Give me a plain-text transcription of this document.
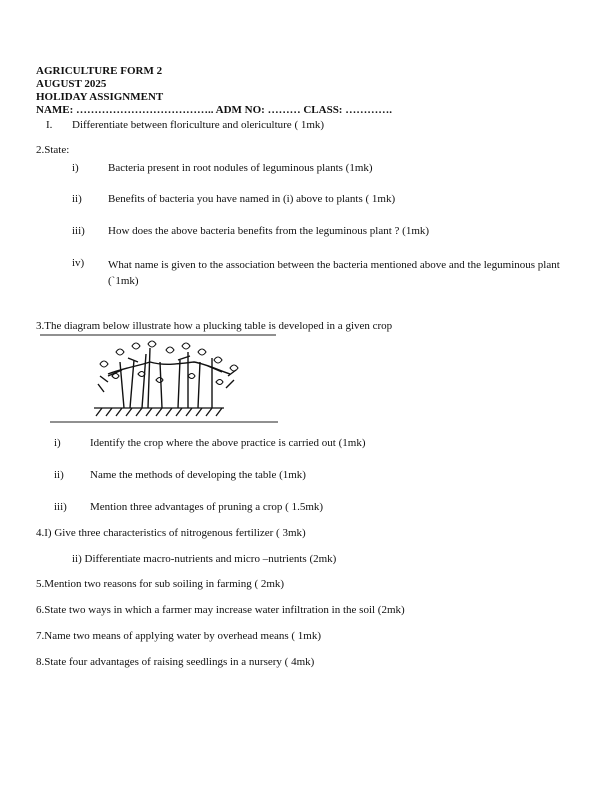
AGRICULTURE FORM 2
AUGUST 2025
HOLIDAY ASSIGNMENT
NAME: ……………………………….. ADM NO: ……… CLASS: ………….
I. Differentiate between floriculture and olericulture ( 1mk)
2.State:
i)	Bacteria present in root nodules of leguminous plants (1mk)
ii) Benefits of bacteria you have named in (i) above to plants ( 1mk)
iii) How does the above bacteria benefits from the leguminous plant ? (1mk)
iv) What name is given to the association between the bacteria mentioned above and the leguminous plant (`1mk)
3.The diagram below illustrate how a plucking table is developed in a given crop
i)	Identify the crop where the above practice is carried out (1mk)
ii) Name the methods of developing the table (1mk)
iii) Mention three advantages of pruning a crop ( 1.5mk)
4.I) Give three characteristics of nitrogenous fertilizer ( 3mk)
ii) Differentiate macro-nutrients and micro –nutrients (2mk)
5.Mention two reasons for sub soiling in farming ( 2mk)
6.State two ways in which a farmer may increase water infiltration in the soil (2mk)
7.Name two means of applying water by overhead means ( 1mk)
8.State four advantages of raising seedlings in a nursery ( 4mk)
